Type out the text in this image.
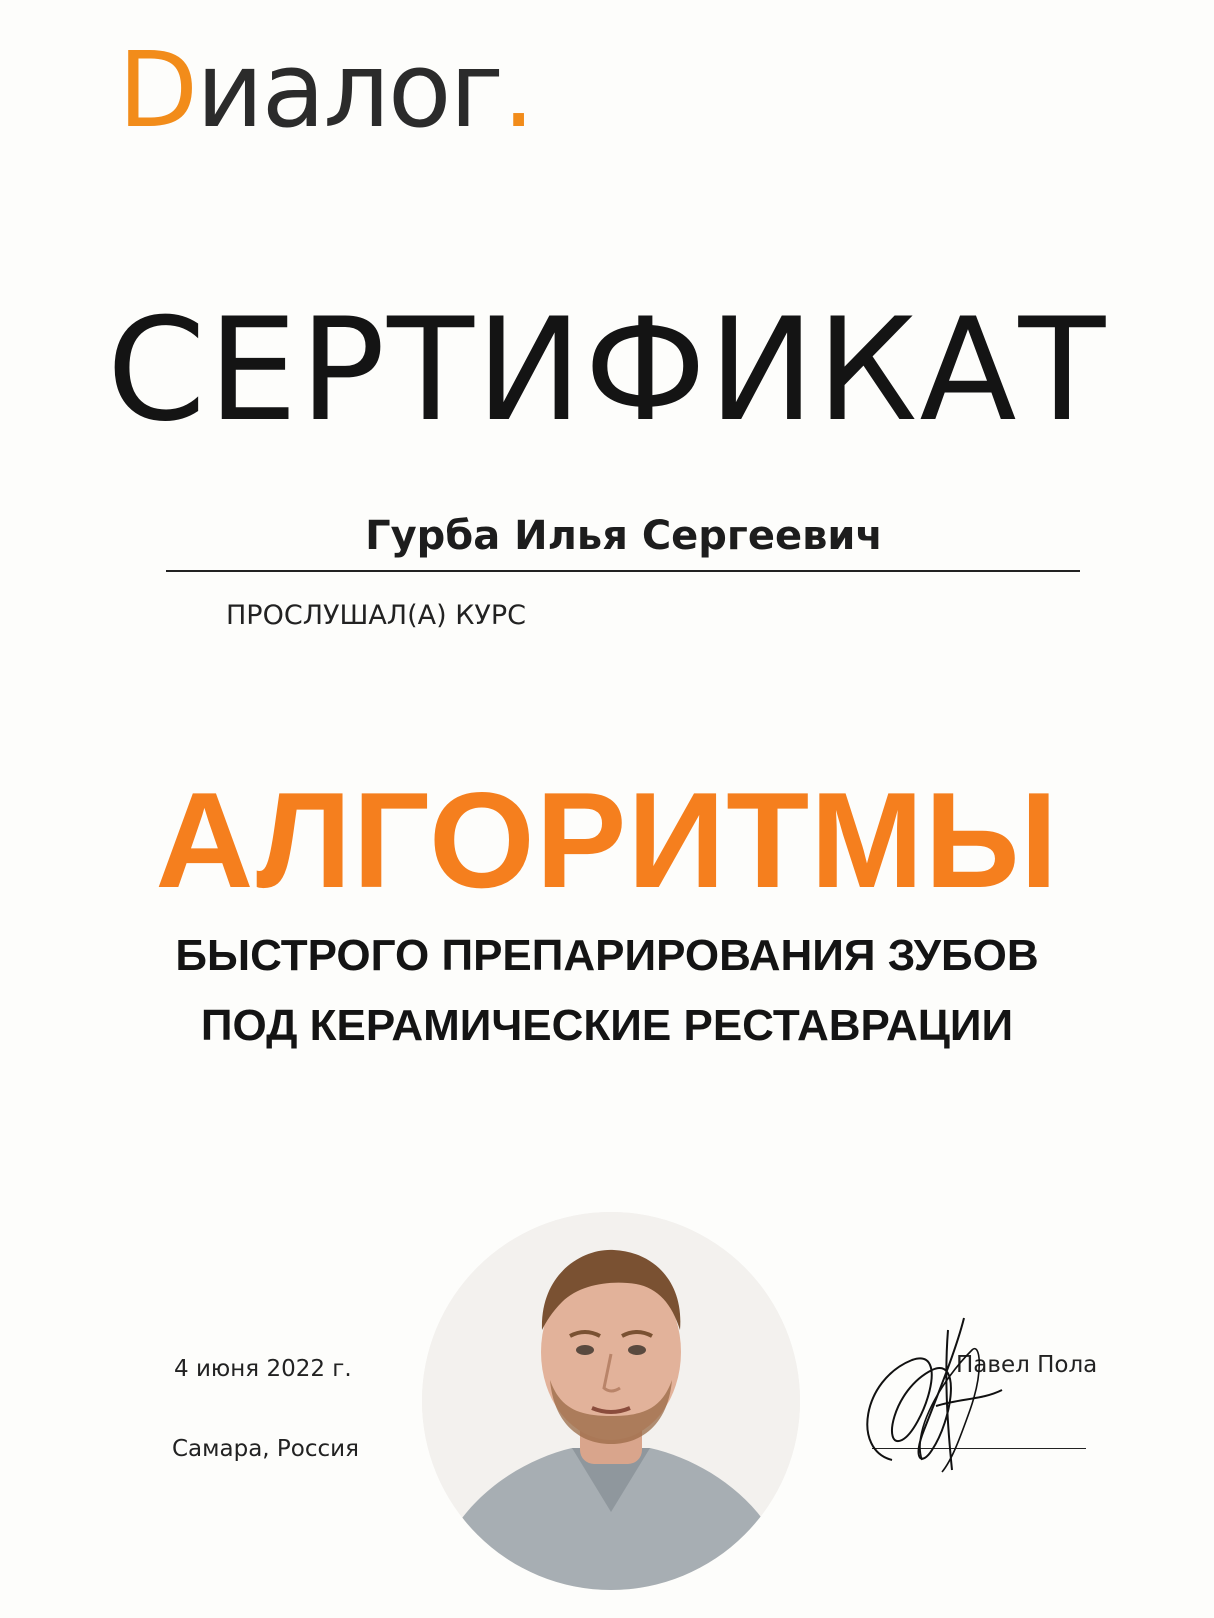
Dиалог.
СЕРТИФИКАТ
Гурба Илья Сергеевич
ПРОСЛУШАЛ(А) КУРС
АЛГОРИТМЫ
БЫСТРОГО ПРЕПАРИРОВАНИЯ ЗУБОВ
ПОД КЕРАМИЧЕСКИЕ РЕСТАВРАЦИИ
4 июня 2022 г.
Самара, Россия
Павел Пола
